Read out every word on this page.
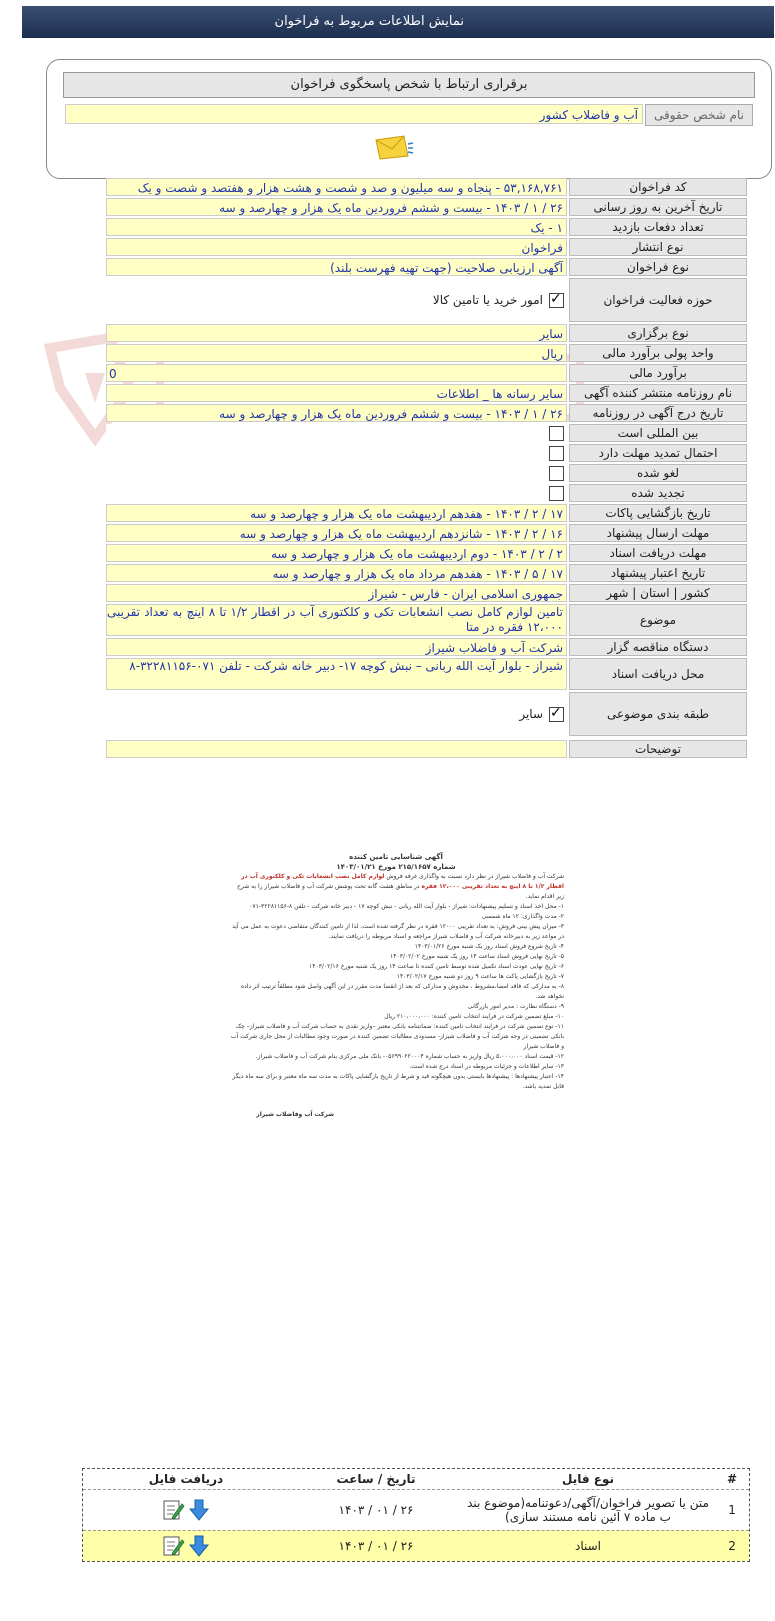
نمایش اطلاعات مربوط به فراخوان
برقراری ارتباط با شخص پاسخگوی فراخوان
نام شخص حقوقی
آب و فاضلاب کشور
کد فراخوان
۵۳,۱۶۸,۷۶۱ - پنجاه و سه میلیون و صد و شصت و هشت هزار و هفتصد و شصت و یک
تاریخ آخرین به روز رسانی
۲۶ / ۱ / ۱۴۰۳ - بیست و ششم فروردین ماه یک هزار و چهارصد و سه
تعداد دفعات بازدید
۱ - یک
نوع انتشار
فراخوان
نوع فراخوان
آگهی ارزیابی صلاحیت (جهت تهیه فهرست بلند)
حوزه فعالیت فراخوان
✓
امور خرید یا تامین کالا
نوع برگزاری
سایر
واحد پولی برآورد مالی
ریال
برآورد مالی
0
نام روزنامه منتشر کننده آگهی
سایر رسانه ها _ اطلاعات
تاریخ درج آگهی در روزنامه
۲۶ / ۱ / ۱۴۰۳ - بیست و ششم فروردین ماه یک هزار و چهارصد و سه
بین المللی است
احتمال تمدید مهلت دارد
لغو شده
تجدید شده
تاریخ بازگشایی پاکات
۱۷ / ۲ / ۱۴۰۳ - هفدهم اردیبهشت ماه یک هزار و چهارصد و سه
مهلت ارسال پیشنهاد
۱۶ / ۲ / ۱۴۰۳ - شانزدهم اردیبهشت ماه یک هزار و چهارصد و سه
مهلت دریافت اسناد
۲ / ۲ / ۱۴۰۳ - دوم اردیبهشت ماه یک هزار و چهارصد و سه
تاریخ اعتبار پیشنهاد
۱۷ / ۵ / ۱۴۰۳ - هفدهم مرداد ماه یک هزار و چهارصد و سه
کشور | استان | شهر
جمهوری اسلامی ایران - فارس - شیراز
موضوع
تامین لوازم کامل نصب انشعابات تکی و کلکتوری آب در اقطار ۱/۲ تا ۸ اینچ به تعداد تقریبی ۱۲،۰۰۰ فقره در متا
دستگاه مناقصه گزار
شرکت آب و فاضلاب شیراز
محل دریافت اسناد
شیراز - بلوار آیت الله ربانی – نبش کوچه ۱۷- دبیر خانه شرکت - تلفن ۰۷۱-۳۲۲۸۱۱۵۶-۸
طبقه بندی موضوعی
✓
سایر
توضیحات

آگهی شناسایی تامین کننده

شماره ۲۱۵/۱۶۵۷ مورخ ۱۴۰۳/۰۱/۲۱

شرکت آب و فاضلاب شیراز در نظر دارد نسبت به واگذاری غرفه فروش لوازم کامل نصب انشعابات تکی و کلکتوری آب در اقطار ۱/۲ تا ۸ اینچ به تعداد تقریبی ۱۲،۰۰۰ فقره در مناطق هشت گانه تحت پوشش شرکت آب و فاضلاب شیراز را به شرح زیر اقدام نماید.

۱- محل اخذ اسناد و تسلیم پیشنهادات: شیراز - بلوار آیت الله ربانی - نبش کوچه ۱۷ - دبیر خانه شرکت - تلفن ۸-۳۲۲۸۱۱۵۶-۰۷۱

۲- مدت واگذاری: ۱۲ ماه شمسی

۳- میزان پیش بینی فروش: به تعداد تقریبی ۱۲۰۰۰ فقره در نظر گرفته شده است. لذا از تامین کنندگان متقاضی دعوت به عمل می آید در مواعد زیر به دبیرخانه شرکت آب و فاضلاب شیراز مراجعه و اسناد مربوطه را دریافت نمایند.

۴- تاریخ شروع فروش اسناد روز یک شنبه مورخ ۱۴۰۳/۰۱/۲۶

۵- تاریخ نهایی فروش اسناد ساعت ۱۴ روز یک شنبه مورخ ۱۴۰۳/۰۲/۰۲

۶- تاریخ نهایی عودت اسناد تکمیل شده توسط تامین کننده تا ساعت ۱۴ روز یک شنبه مورخ ۱۴۰۳/۰۲/۱۶

۷- تاریخ بازگشایی پاکت ها ساعت ۹ روز دو شنبه مورخ ۱۴۰۳/۰۲/۱۷

۸- به مدارکی که فاقد امضا،مشروط ، مخدوش و مدارکی که بعد از انقضا مدت مقرر در این آگهی واصل شود مطلقاً ترتیب اثر داده نخواهد شد.

۹- دستگاه نظارت : مدیر امور بازرگانی

۱۰- مبلغ تضمین شرکت در فرایند انتخاب تامین کننده: ۲۱۰،۰۰۰،۰۰۰ ریال

۱۱- نوع تضمین شرکت در فرایند انتخاب تامین کننده: ضمانتنامه بانکی معتبر –واریز نقدی به حساب شرکت آب و فاضلاب شیراز– چک بانکی تضمینی در وجه شرکت آب و فاضلاب شیراز- مسدودی مطالبات تضمین کننده در صورت وجود مطالبات از محل جاری شرکت آب و فاضلاب شیراز

۱۲- قیمت اسناد ۵،۰۰۰،۰۰۰ ریال واریز به حساب شماره ۰۵۶۹۹۰۲۲۰۰۰۴- بانک ملی مرکزی بنام شرکت آب و فاضلاب شیراز.

۱۳- سایر اطلاعات و جزئیات مربوطه در اسناد درج شده است.

۱۴- اعتبار پیشنهادها : پیشنهادها بایستی بدون هیچگونه قید و شرط از تاریخ بازگشایی پاکات به مدت سه ماه معتبر و برای سه ماه دیگر قابل تمدید باشد.

شرکت آب وفاضلاب شیراز

#
نوع فایل
تاریخ / ساعت
دریافت فایل
1
متن یا تصویر فراخوان/آگهی/دعوتنامه(موضوع بند ب ماده ۷ آئین نامه مستند سازی)
۲۶ / ۰۱ / ۱۴۰۳
2
اسناد
۲۶ / ۰۱ / ۱۴۰۳
